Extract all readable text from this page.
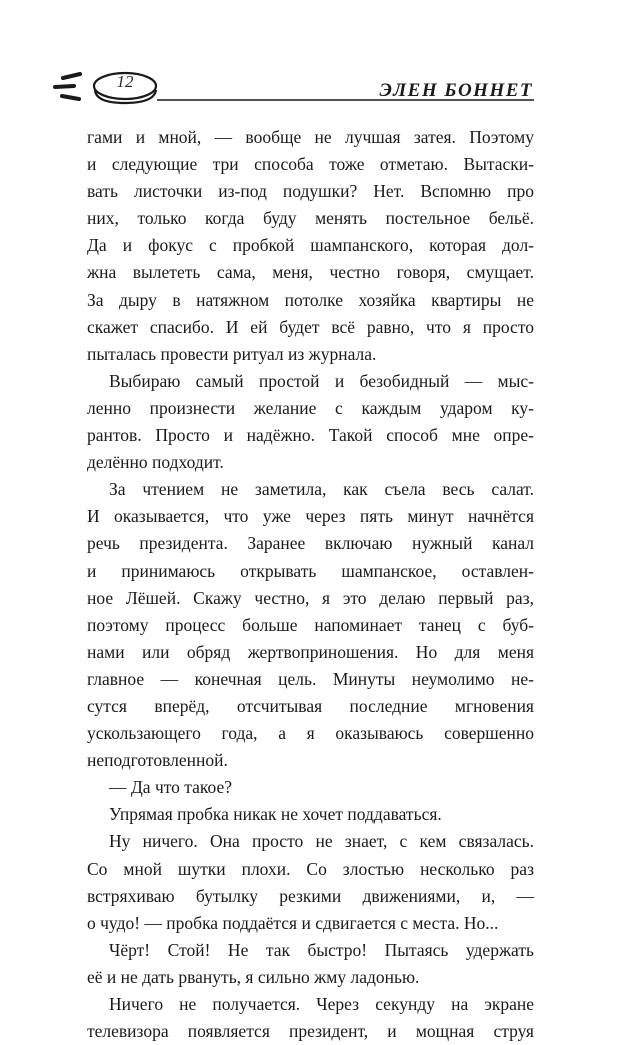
12	ЭЛЕН БОННЕТ
гами и мной, — вообще не лучшая затея. Поэтому
и следующие три способа тоже отметаю. Вытаски-
вать листочки из-под подушки? Нет. Вспомню про
них, только когда буду менять постельное бельё.
Да и фокус с пробкой шампанского, которая дол-
жна вылететь сама, меня, честно говоря, смущает.
За дыру в натяжном потолке хозяйка квартиры не
скажет спасибо. И ей будет всё равно, что я просто
пыталась провести ритуал из журнала.
Выбираю самый простой и безобидный — мыс-
ленно произнести желание с каждым ударом ку-
рантов. Просто и надёжно. Такой способ мне опре-
делённо подходит.
За чтением не заметила, как съела весь салат.
И оказывается, что уже через пять минут начнётся
речь президента. Заранее включаю нужный канал
и принимаюсь открывать шампанское, оставлен-
ное Лёшей. Скажу честно, я это делаю первый раз,
поэтому процесс больше напоминает танец с буб-
нами или обряд жертвоприношения. Но для меня
главное — конечная цель. Минуты неумолимо не-
сутся вперёд, отсчитывая последние мгновения
ускользающего года, а я оказываюсь совершенно
неподготовленной.
— Да что такое?
Упрямая пробка никак не хочет поддаваться.
Ну ничего. Она просто не знает, с кем связалась.
Со мной шутки плохи. Со злостью несколько раз
встряхиваю бутылку резкими движениями, и, —
о чудо! — пробка поддаётся и сдвигается с места. Но...
Чёрт! Стой! Не так быстро! Пытаясь удержать
её и не дать рвануть, я сильно жму ладонью.
Ничего не получается. Через секунду на экране
телевизора появляется президент, и мощная струя
